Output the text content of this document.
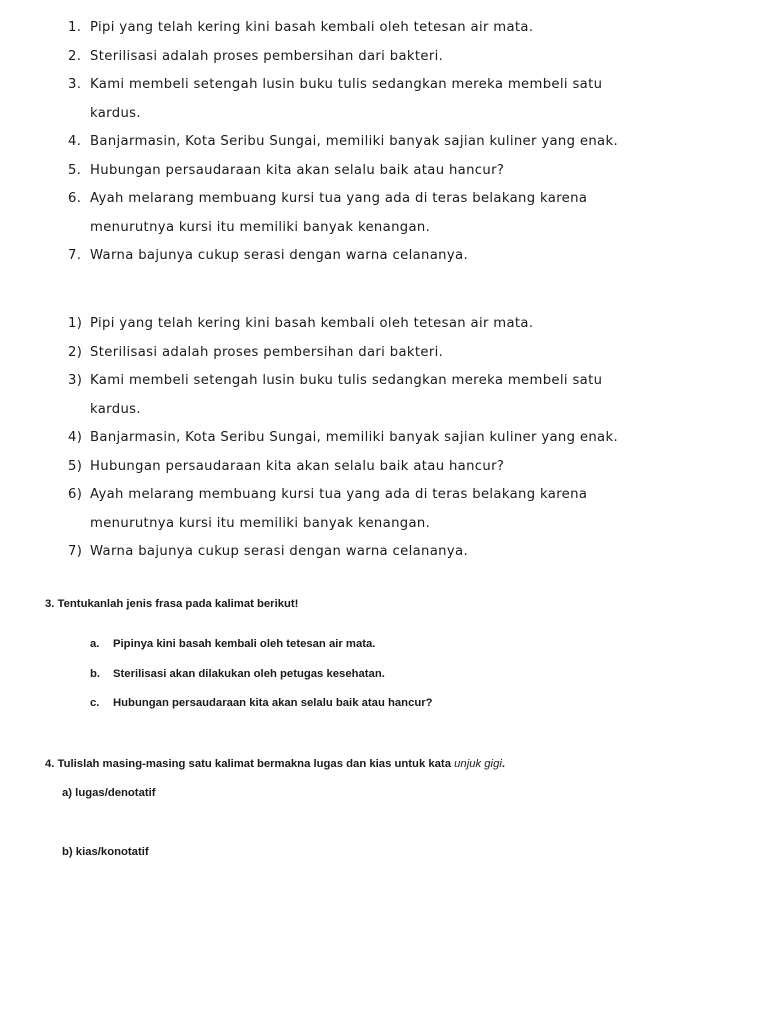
1. Pipi yang telah kering kini basah kembali oleh tetesan air mata.
2. Sterilisasi adalah proses pembersihan dari bakteri.
3. Kami membeli setengah lusin buku tulis sedangkan mereka membeli satu
kardus.
4. Banjarmasin, Kota Seribu Sungai, memiliki banyak sajian kuliner yang enak.
5. Hubungan persaudaraan kita akan selalu baik atau hancur?
6. Ayah melarang membuang kursi tua yang ada di teras belakang karena
menurutnya kursi itu memiliki banyak kenangan.
7. Warna bajunya cukup serasi dengan warna celananya.
1) Pipi yang telah kering kini basah kembali oleh tetesan air mata.
2) Sterilisasi adalah proses pembersihan dari bakteri.
3) Kami membeli setengah lusin buku tulis sedangkan mereka membeli satu
kardus.
4) Banjarmasin, Kota Seribu Sungai, memiliki banyak sajian kuliner yang enak.
5) Hubungan persaudaraan kita akan selalu baik atau hancur?
6) Ayah melarang membuang kursi tua yang ada di teras belakang karena
menurutnya kursi itu memiliki banyak kenangan.
7) Warna bajunya cukup serasi dengan warna celananya.
3. Tentukanlah jenis frasa pada kalimat berikut!
a. Pipinya kini basah kembali oleh tetesan air mata.
b. Sterilisasi akan dilakukan oleh petugas kesehatan.
c. Hubungan persaudaraan kita akan selalu baik atau hancur?
4. Tulislah masing-masing satu kalimat bermakna lugas dan kias untuk kata unjuk gigi.
a) lugas/denotatif
b) kias/konotatif
